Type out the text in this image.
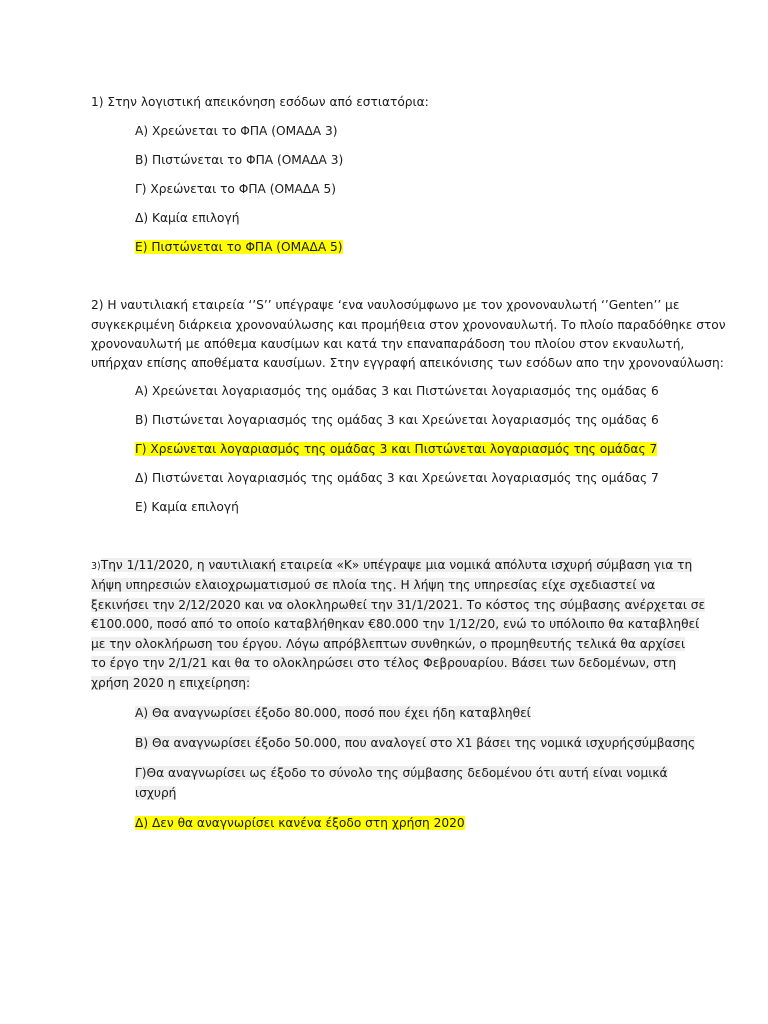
1) Στην λογιστική απεικόνηση εσόδων από εστιατόρια:

Α) Χρεώνεται το ΦΠΑ (ΟΜΑΔΑ 3)

Β) Πιστώνεται το ΦΠΑ (ΟΜΑΔΑ 3)

Γ) Χρεώνεται το ΦΠΑ (ΟΜΑΔΑ 5)

Δ) Καμία επιλογή

Ε) Πιστώνεται το ΦΠΑ (ΟΜΑΔΑ 5)

2) Η ναυτιλιακή εταιρεία ‘’S’’ υπέγραψε ‘ενα ναυλοσύμφωνο με τον χρονοναυλωτή ‘’Genten’’ με

συγκεκριμένη διάρκεια χρονοναύλωσης και προμήθεια στον χρονοναυλωτή. Το πλοίο παραδόθηκε στον

χρονοναυλωτή με απόθεμα καυσίμων και κατά την επαναπαράδοση του πλοίου στον εκναυλωτή,

υπήρχαν επίσης αποθέματα καυσίμων. Στην εγγραφή απεικόνισης των εσόδων απο την χρονοναύλωση:

Α) Χρεώνεται λογαριασμός της ομάδας 3 και Πιστώνεται λογαριασμός της ομάδας 6

Β) Πιστώνεται λογαριασμός της ομάδας 3 και Χρεώνεται λογαριασμός της ομάδας 6

Γ) Χρεώνεται λογαριασμός της ομάδας 3 και Πιστώνεται λογαριασμός της ομάδας 7

Δ) Πιστώνεται λογαριασμός της ομάδας 3 και Χρεώνεται λογαριασμός της ομάδας 7

Ε) Καμία επιλογή

3)Την 1/11/2020, η ναυτιλιακή εταιρεία «Κ» υπέγραψε μια νομικά απόλυτα ισχυρή σύμβαση για τη

λήψη υπηρεσιών ελαιοχρωματισμού σε πλοία της. Η λήψη της υπηρεσίας είχε σχεδιαστεί να

ξεκινήσει την 2/12/2020 και να ολοκληρωθεί την 31/1/2021. Το κόστος της σύμβασης ανέρχεται σε

€100.000, ποσό από το οποίο καταβλήθηκαν €80.000 την 1/12/20, ενώ το υπόλοιπο θα καταβληθεί

με την ολοκλήρωση του έργου. Λόγω απρόβλεπτων συνθηκών, ο προμηθευτής τελικά θα αρχίσει

το έργο την 2/1/21 και θα το ολοκληρώσει στο τέλος Φεβρουαρίου. Βάσει των δεδομένων, στη

χρήση 2020 η επιχείρηση:

Α) Θα αναγνωρίσει έξοδο 80.000, ποσό που έχει ήδη καταβληθεί

Β) Θα αναγνωρίσει έξοδο 50.000, που αναλογεί στο Χ1 βάσει της νομικά ισχυρήςσύμβασης

Γ)Θα αναγνωρίσει ως έξοδο το σύνολο της σύμβασης δεδομένου ότι αυτή είναι νομικά

ισχυρή

Δ) Δεν θα αναγνωρίσει κανένα έξοδο στη χρήση 2020
